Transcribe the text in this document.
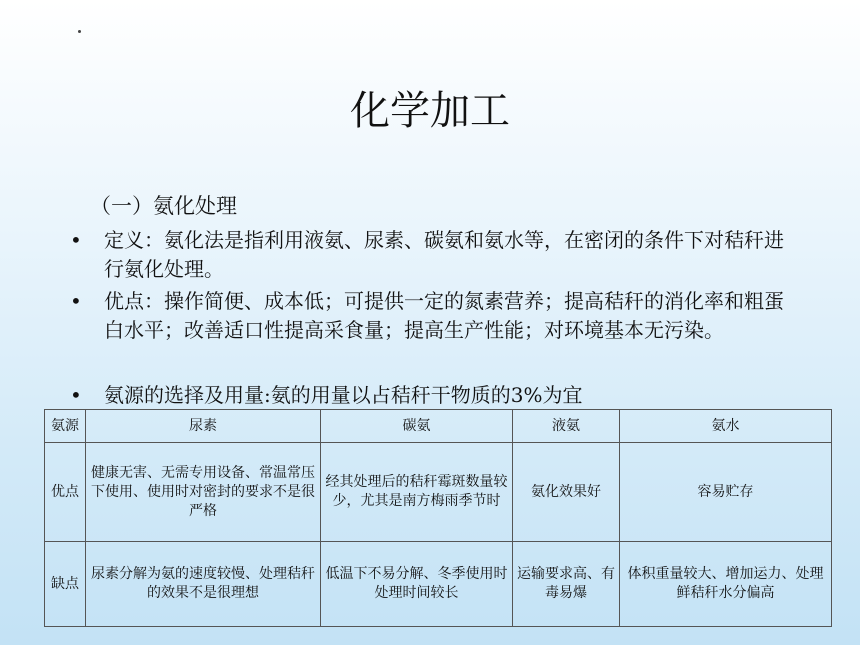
化学加工
（一）氨化处理
•	定义：氨化法是指利用液氨、尿素、碳氨和氨水等，在密闭的条件下对秸秆进行氨化处理。
•	优点：操作简便、成本低；可提供一定的氮素营养；提高秸秆的消化率和粗蛋白水平；改善适口性提高采食量；提高生产性能；对环境基本无污染。
•	氨源的选择及用量:氨的用量以占秸秆干物质的3%为宜
氨源	尿素	碳氨	液氨	氨水
优点	健康无害、无需专用设备、常温常压下使用、使用时对密封的要求不是很严格	经其处理后的秸秆霉斑数量较少，尤其是南方梅雨季节时	氨化效果好	容易贮存
缺点	尿素分解为氨的速度较慢、处理秸秆的效果不是很理想	低温下不易分解、冬季使用时处理时间较长	运输要求高、有毒易爆	体积重量较大、增加运力、处理鲜秸秆水分偏高
